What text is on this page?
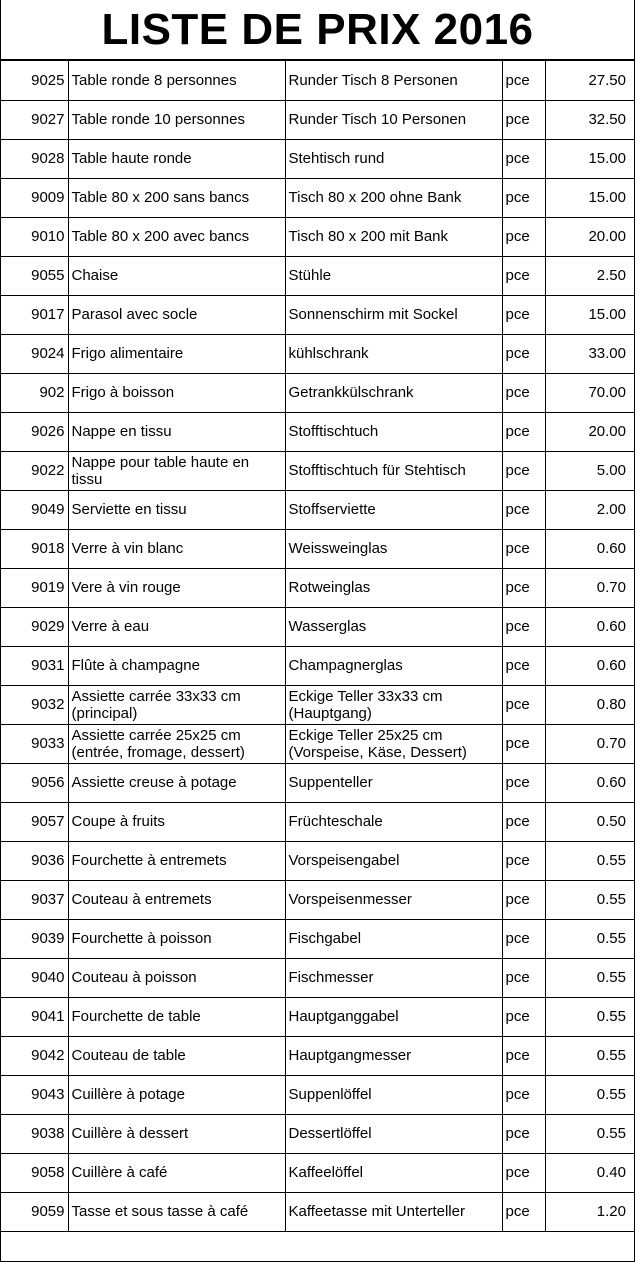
LISTE DE PRIX 2016
9025	Table ronde 8 personnes	Runder Tisch 8 Personen	pce	27.50
9027	Table ronde 10 personnes	Runder Tisch 10 Personen	pce	32.50
9028	Table haute ronde	Stehtisch rund	pce	15.00
9009	Table 80 x 200 sans bancs	Tisch 80 x 200 ohne Bank	pce	15.00
9010	Table 80 x 200 avec bancs	Tisch 80 x 200 mit Bank	pce	20.00
9055	Chaise	Stühle	pce	2.50
9017	Parasol avec socle	Sonnenschirm mit Sockel	pce	15.00
9024	Frigo alimentaire	kühlschrank	pce	33.00
902	Frigo à boisson	Getrankkülschrank	pce	70.00
9026	Nappe en tissu	Stofftischtuch	pce	20.00
9022	Nappe pour table haute en tissu	Stofftischtuch für Stehtisch	pce	5.00
9049	Serviette en tissu	Stoffserviette	pce	2.00
9018	Verre à vin blanc	Weissweinglas	pce	0.60
9019	Vere à vin rouge	Rotweinglas	pce	0.70
9029	Verre à eau	Wasserglas	pce	0.60
9031	Flûte à champagne	Champagnerglas	pce	0.60
9032	Assiette carrée 33x33 cm (principal)	Eckige Teller 33x33 cm (Hauptgang)	pce	0.80
9033	Assiette carrée 25x25 cm (entrée, fromage, dessert)	Eckige Teller 25x25 cm (Vorspeise, Käse, Dessert)	pce	0.70
9056	Assiette creuse à potage	Suppenteller	pce	0.60
9057	Coupe à fruits	Früchteschale	pce	0.50
9036	Fourchette à entremets	Vorspeisengabel	pce	0.55
9037	Couteau à entremets	Vorspeisenmesser	pce	0.55
9039	Fourchette à poisson	Fischgabel	pce	0.55
9040	Couteau à poisson	Fischmesser	pce	0.55
9041	Fourchette de table	Hauptganggabel	pce	0.55
9042	Couteau de table	Hauptgangmesser	pce	0.55
9043	Cuillère à potage	Suppenlöffel	pce	0.55
9038	Cuillère à dessert	Dessertlöffel	pce	0.55
9058	Cuillère à café	Kaffeelöffel	pce	0.40
9059	Tasse et sous tasse à café	Kaffeetasse mit Unterteller	pce	1.20
